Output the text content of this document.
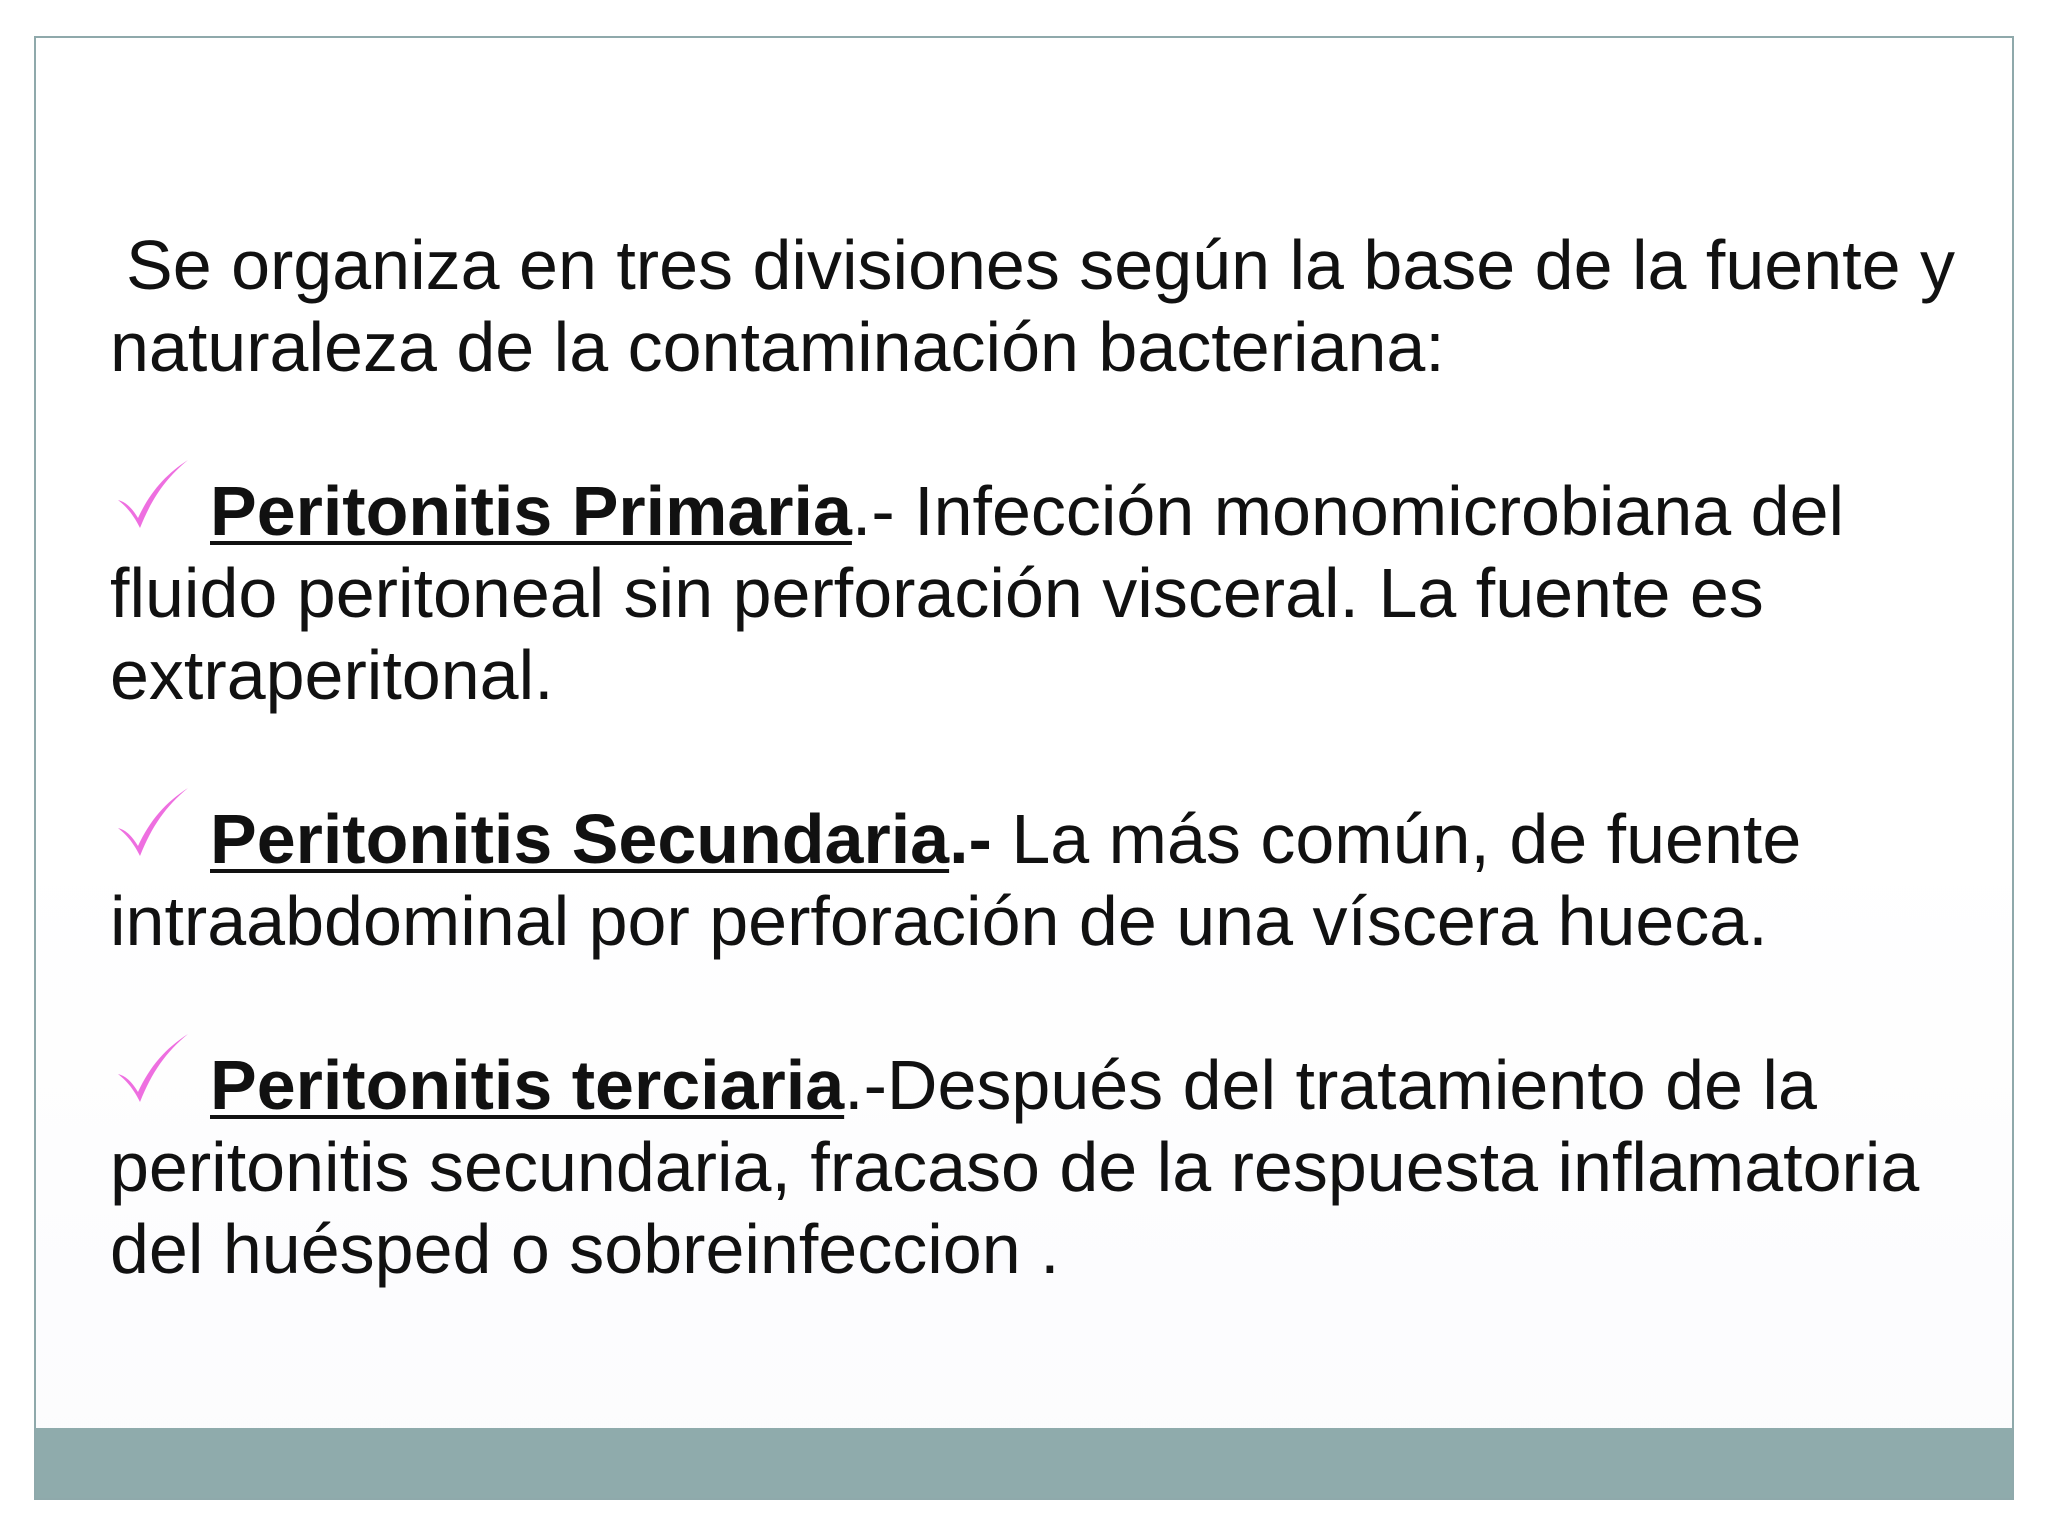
Se organiza en tres divisiones según la base de la fuente y naturaleza de la contaminación bacteriana:

Peritonitis Primaria.- Infección monomicrobiana del fluido peritoneal sin perforación visceral. La fuente es extraperitonal.

Peritonitis Secundaria.- La más común, de fuente intraabdominal por perforación de una víscera hueca.

Peritonitis terciaria.-Después del tratamiento de la peritonitis secundaria, fracaso de la respuesta inflamatoria del huésped o sobreinfeccion .
